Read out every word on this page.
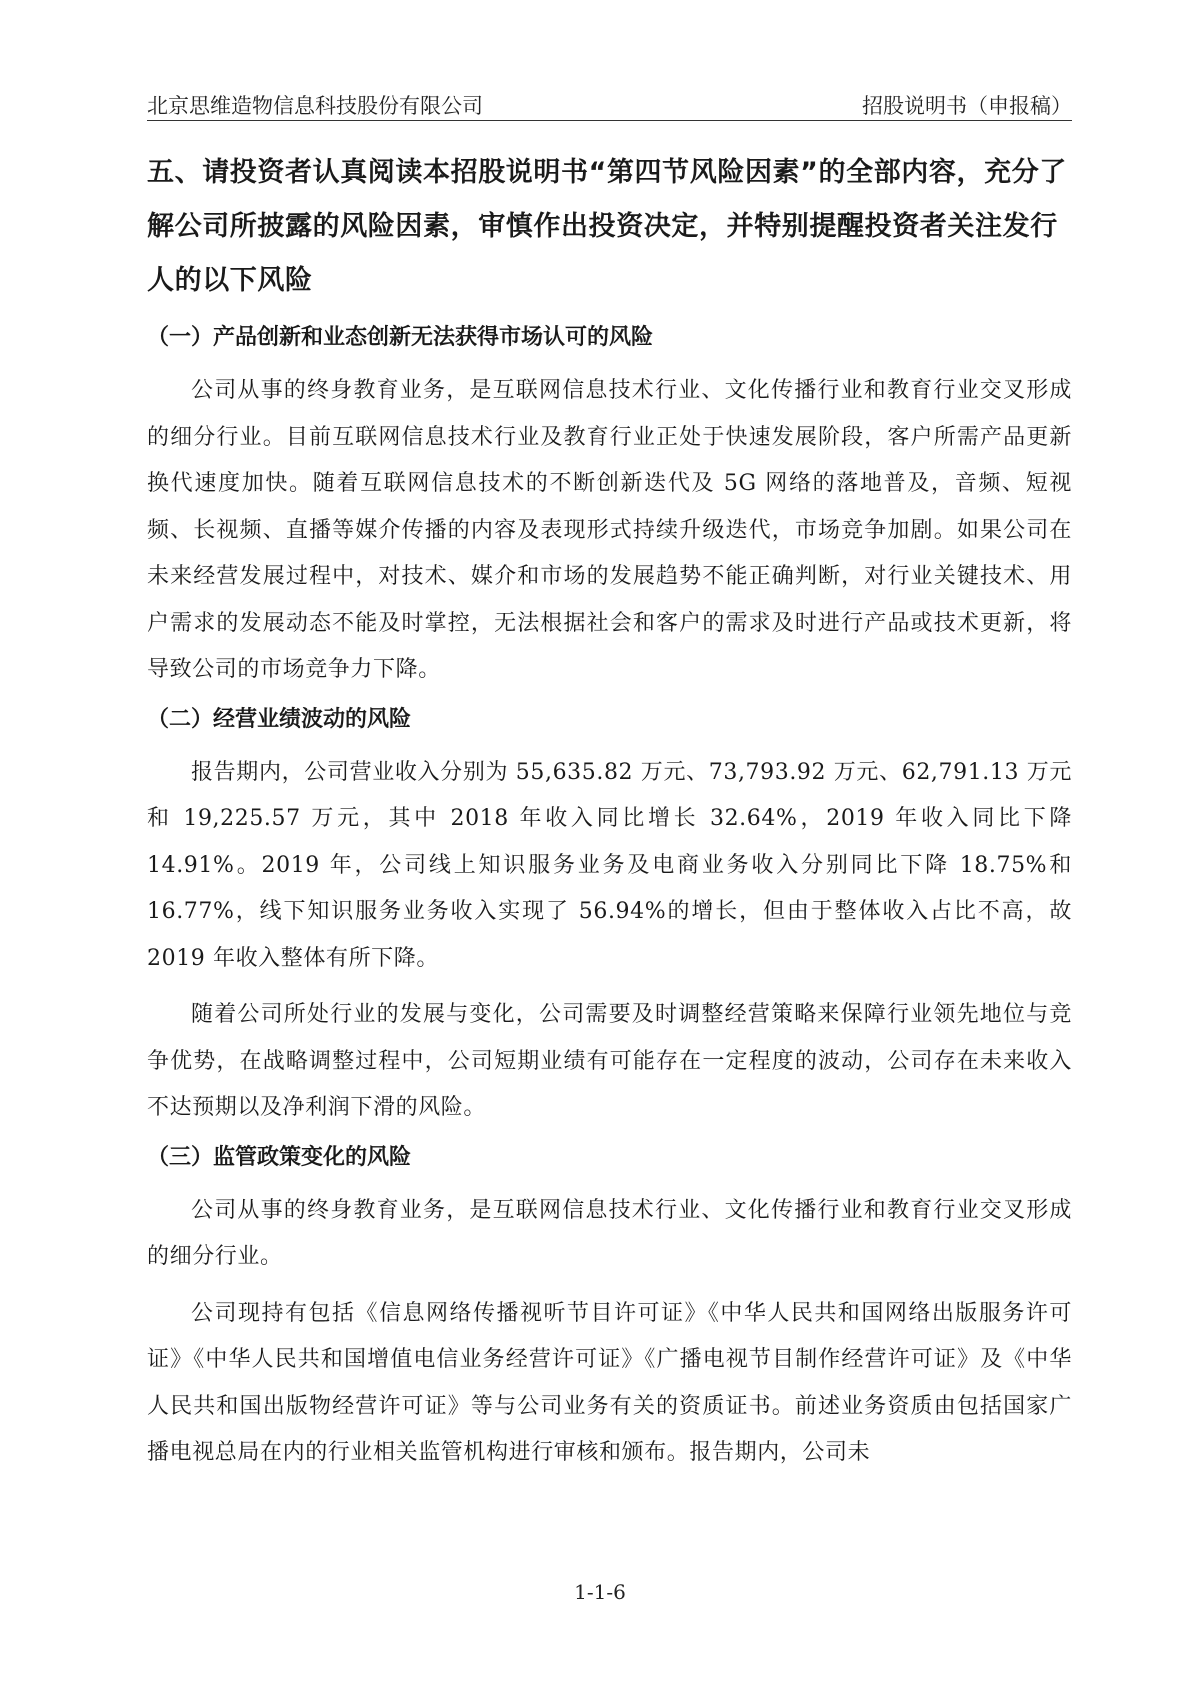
北京思维造物信息科技股份有限公司	招股说明书（申报稿）
五、请投资者认真阅读本招股说明书“第四节风险因素”的全部内容，充分了解公司所披露的风险因素，审慎作出投资决定，并特别提醒投资者关注发行人的以下风险
（一）产品创新和业态创新无法获得市场认可的风险

公司从事的终身教育业务，是互联网信息技术行业、文化传播行业和教育行业交叉形成的细分行业。目前互联网信息技术行业及教育行业正处于快速发展阶段，客户所需产品更新换代速度加快。随着互联网信息技术的不断创新迭代及 5G 网络的落地普及，音频、短视频、长视频、直播等媒介传播的内容及表现形式持续升级迭代，市场竞争加剧。如果公司在未来经营发展过程中，对技术、媒介和市场的发展趋势不能正确判断，对行业关键技术、用户需求的发展动态不能及时掌控，无法根据社会和客户的需求及时进行产品或技术更新，将导致公司的市场竞争力下降。

（二）经营业绩波动的风险

报告期内，公司营业收入分别为 55,635.82 万元、73,793.92 万元、62,791.13 万元和 19,225.57 万元，其中 2018 年收入同比增长 32.64%，2019 年收入同比下降 14.91%。2019 年，公司线上知识服务业务及电商业务收入分别同比下降 18.75%和 16.77%，线下知识服务业务收入实现了 56.94%的增长，但由于整体收入占比不高，故 2019 年收入整体有所下降。

随着公司所处行业的发展与变化，公司需要及时调整经营策略来保障行业领先地位与竞争优势，在战略调整过程中，公司短期业绩有可能存在一定程度的波动，公司存在未来收入不达预期以及净利润下滑的风险。

（三）监管政策变化的风险

公司从事的终身教育业务，是互联网信息技术行业、文化传播行业和教育行业交叉形成的细分行业。

公司现持有包括《信息网络传播视听节目许可证》《中华人民共和国网络出版服务许可证》《中华人民共和国增值电信业务经营许可证》《广播电视节目制作经营许可证》及《中华人民共和国出版物经营许可证》等与公司业务有关的资质证书。前述业务资质由包括国家广播电视总局在内的行业相关监管机构进行审核和颁布。报告期内，公司未

1-1-6
